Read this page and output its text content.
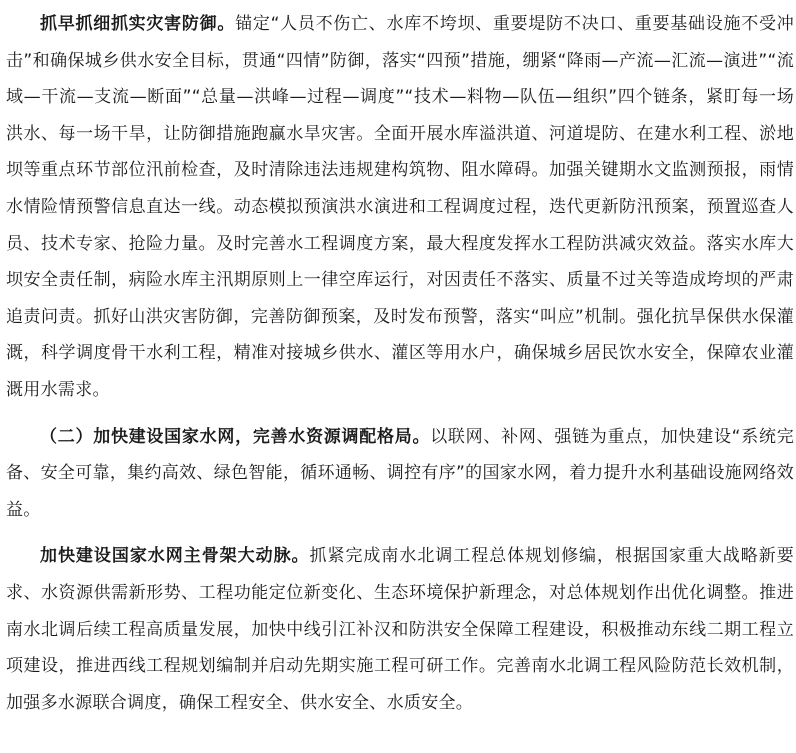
抓早抓细抓实灾害防御。锚定“人员不伤亡、水库不垮坝、重要堤防不决口、重要基础设施不受冲击”和确保城乡供水安全目标，贯通“四情”防御，落实“四预”措施，绷紧“降雨—产流—汇流—演进”“流域—干流—支流—断面”“总量—洪峰—过程—调度”“技术—料物—队伍—组织”四个链条，紧盯每一场洪水、每一场干旱，让防御措施跑赢水旱灾害。全面开展水库溢洪道、河道堤防、在建水利工程、淤地坝等重点环节部位汛前检查，及时清除违法违规建构筑物、阻水障碍。加强关键期水文监测预报，雨情水情险情预警信息直达一线。动态模拟预演洪水演进和工程调度过程，迭代更新防汛预案，预置巡查人员、技术专家、抢险力量。及时完善水工程调度方案，最大程度发挥水工程防洪减灾效益。落实水库大坝安全责任制，病险水库主汛期原则上一律空库运行，对因责任不落实、质量不过关等造成垮坝的严肃追责问责。抓好山洪灾害防御，完善防御预案，及时发布预警，落实“叫应”机制。强化抗旱保供水保灌溉，科学调度骨干水利工程，精准对接城乡供水、灌区等用水户，确保城乡居民饮水安全，保障农业灌溉用水需求。

（二）加快建设国家水网，完善水资源调配格局。以联网、补网、强链为重点，加快建设“系统完备、安全可靠，集约高效、绿色智能，循环通畅、调控有序”的国家水网，着力提升水利基础设施网络效益。

加快建设国家水网主骨架大动脉。抓紧完成南水北调工程总体规划修编，根据国家重大战略新要求、水资源供需新形势、工程功能定位新变化、生态环境保护新理念，对总体规划作出优化调整。推进南水北调后续工程高质量发展，加快中线引江补汉和防洪安全保障工程建设，积极推动东线二期工程立项建设，推进西线工程规划编制并启动先期实施工程可研工作。完善南水北调工程风险防范长效机制，加强多水源联合调度，确保工程安全、供水安全、水质安全。
